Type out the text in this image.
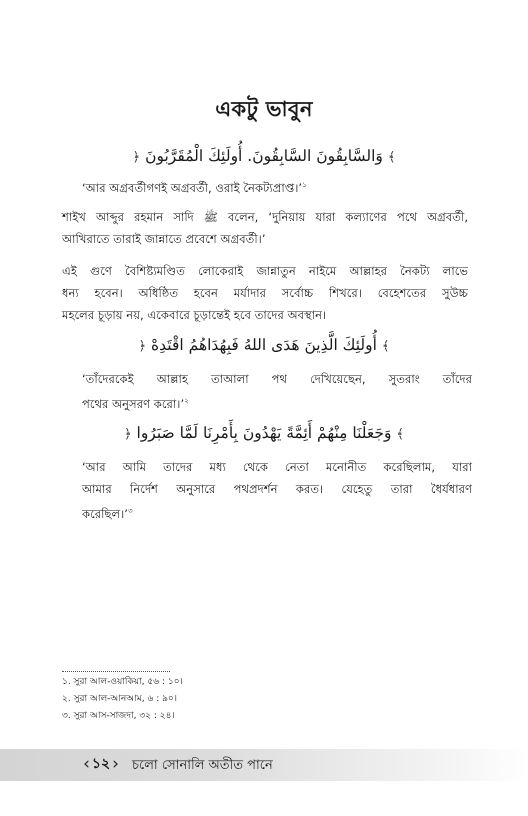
একটু ভাবুন
﴾ وَالسَّابِقُونَ السَّابِقُونَ. أُولَئِكَ الْمُقَرَّبُونَ ﴿
‘আর অগ্রবর্তীগণই অগ্রবর্তী, ওরাই নৈকট্যপ্রাপ্ত।’$^১$
শাইখ আব্দুর রহমান সাদি ﷺ বলেন, ‘দুনিয়ায় যারা কল্যাণের পথে অগ্রবর্তী,
আখিরাতে তারাই জান্নাতে প্রবেশে অগ্রবর্তী।’
এই গুণে বৈশিষ্ট্যমণ্ডিত লোকেরাই জান্নাতুন নাইমে আল্লাহর নৈকট্য লাভে
ধন্য হবেন। অধিষ্ঠিত হবেন মর্যাদার সর্বোচ্চ শিখরে। বেহেশতের সুউচ্চ
মহলের চূড়ায় নয়, একেবারে চূড়ান্তেই হবে তাদের অবস্থান।
﴾ أُولَئِكَ الَّذِينَ هَدَى اللهُ فَبِهُدَاهُمُ اقْتَدِهْ ﴿
‘তাঁদেরকেই আল্লাহ তাআলা পথ দেখিয়েছেন, সুতরাং তাঁদের
পথের অনুসরণ করো।’$^২$
﴾ وَجَعَلْنَا مِنْهُمْ أَئِمَّةً يَهْدُونَ بِأَمْرِنَا لَمَّا صَبَرُوا ﴿
‘আর আমি তাদের মধ্য থেকে নেতা মনোনীত করেছিলাম, যারা
আমার নির্দেশ অনুসারে পথপ্রদর্শন করত। যেহেতু তারা ধৈর্যধারণ
করেছিল।’$^৩$
১. সুরা আল-ওয়াকিয়া, ৫৬ : ১০।
২. সুরা আল-আনআম, ৬ : ৯০।
৩. সুরা আস-সাজদা, ৩২ : ২৪।
‹ ১২ › চলো সোনালি অতীত পানে
